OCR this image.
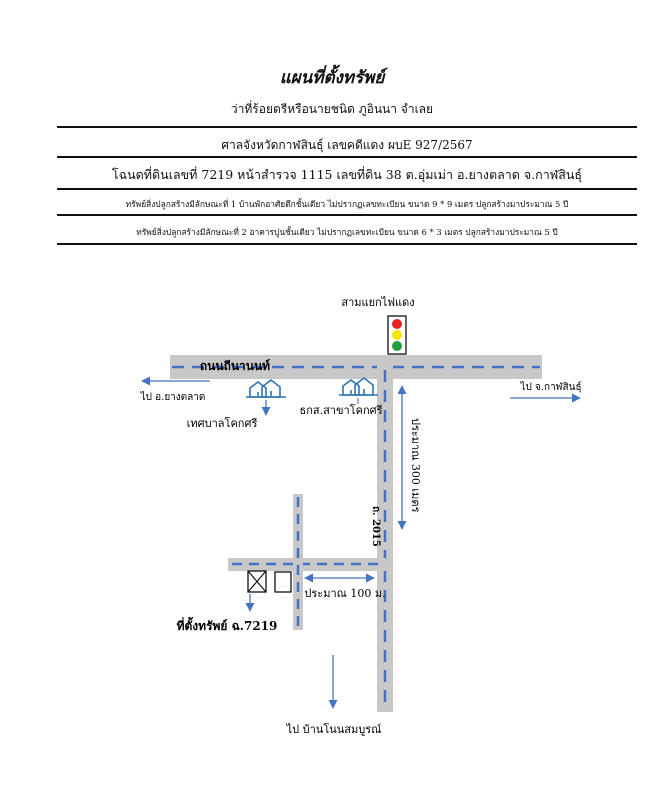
แผนที่ตั้งทรัพย์
ว่าที่ร้อยตรีหรือนายชนิด ภูอินนา จำเลย
ศาลจังหวัดกาฬสินธุ์ เลขคดีแดง ผบE 927/2567
โฉนดที่ดินเลขที่ 7219 หน้าสำรวจ 1115 เลขที่ดิน 38 ต.อุ่มเม่า อ.ยางตลาด จ.กาฬสินธุ์
ทรัพย์สิ่งปลูกสร้างมีลักษณะที่ 1 บ้านพักอาศัยตึกชั้นเดียว ไม่ปรากฏเลขทะเบียน ขนาด 9 * 9 เมตร ปลูกสร้างมาประมาณ 5 ปี
ทรัพย์สิ่งปลูกสร้างมีลักษณะที่ 2 อาคารปูนชั้นเดียว ไม่ปรากฏเลขทะเบียน ขนาด 6 * 3 เมตร ปลูกสร้างมาประมาณ 5 ปี
สามแยกไฟแดง
ถนนถีนานนท์
ไป อ.ยางตลาด
ไป จ.กาฬสินธุ์
เทศบาลโคกศรี
ธกส.สาขาโคกศรี
ประมาณ 300 เมตร
ถ. 2015
ประมาณ 100 ม.
ที่ตั้งทรัพย์ ฉ.7219
ไป บ้านโนนสมบูรณ์
